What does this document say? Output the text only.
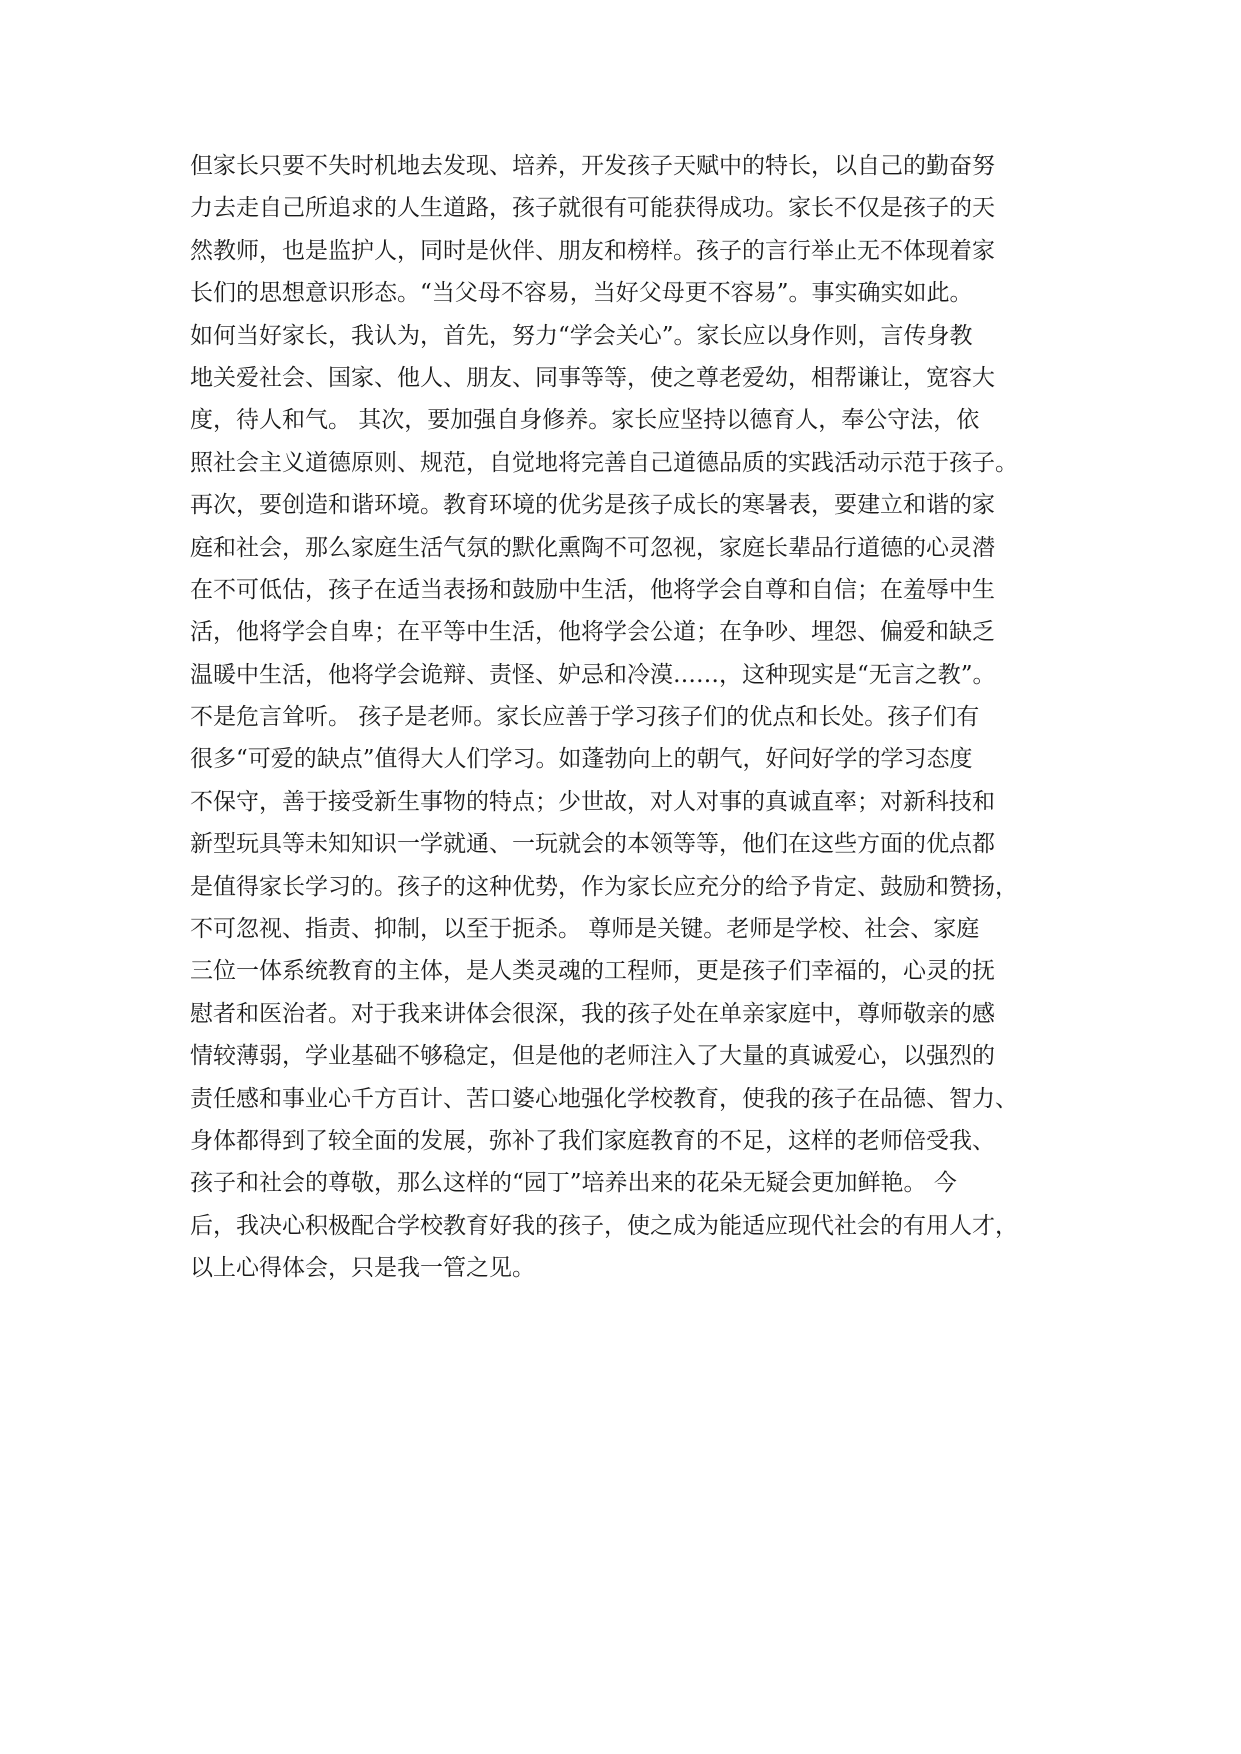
但家长只要不失时机地去发现、培养，开发孩子天赋中的特长，以自己的勤奋努
力去走自己所追求的人生道路，孩子就很有可能获得成功。家长不仅是孩子的天
然教师，也是监护人，同时是伙伴、朋友和榜样。孩子的言行举止无不体现着家
长们的思想意识形态。“当父母不容易，当好父母更不容易”。事实确实如此。
如何当好家长，我认为，首先，努力“学会关心”。家长应以身作则，言传身教
地关爱社会、国家、他人、朋友、同事等等，使之尊老爱幼，相帮谦让，宽容大
度，待人和气。 其次，要加强自身修养。家长应坚持以德育人，奉公守法，依
照社会主义道德原则、规范，自觉地将完善自己道德品质的实践活动示范于孩子。
再次，要创造和谐环境。教育环境的优劣是孩子成长的寒暑表，要建立和谐的家
庭和社会，那么家庭生活气氛的默化熏陶不可忽视，家庭长辈品行道德的心灵潜
在不可低估，孩子在适当表扬和鼓励中生活，他将学会自尊和自信；在羞辱中生
活，他将学会自卑；在平等中生活，他将学会公道；在争吵、埋怨、偏爱和缺乏
温暖中生活，他将学会诡辩、责怪、妒忌和冷漠……，这种现实是“无言之教”。
不是危言耸听。 孩子是老师。家长应善于学习孩子们的优点和长处。孩子们有
很多“可爱的缺点”值得大人们学习。如蓬勃向上的朝气，好问好学的学习态度
不保守，善于接受新生事物的特点；少世故，对人对事的真诚直率；对新科技和
新型玩具等未知知识一学就通、一玩就会的本领等等，他们在这些方面的优点都
是值得家长学习的。孩子的这种优势，作为家长应充分的给予肯定、鼓励和赞扬，
不可忽视、指责、抑制，以至于扼杀。 尊师是关键。老师是学校、社会、家庭
三位一体系统教育的主体，是人类灵魂的工程师，更是孩子们幸福的，心灵的抚
慰者和医治者。对于我来讲体会很深，我的孩子处在单亲家庭中，尊师敬亲的感
情较薄弱，学业基础不够稳定，但是他的老师注入了大量的真诚爱心，以强烈的
责任感和事业心千方百计、苦口婆心地强化学校教育，使我的孩子在品德、智力、
身体都得到了较全面的发展，弥补了我们家庭教育的不足，这样的老师倍受我、
孩子和社会的尊敬，那么这样的“园丁”培养出来的花朵无疑会更加鲜艳。 今
后，我决心积极配合学校教育好我的孩子，使之成为能适应现代社会的有用人才，
以上心得体会，只是我一管之见。
